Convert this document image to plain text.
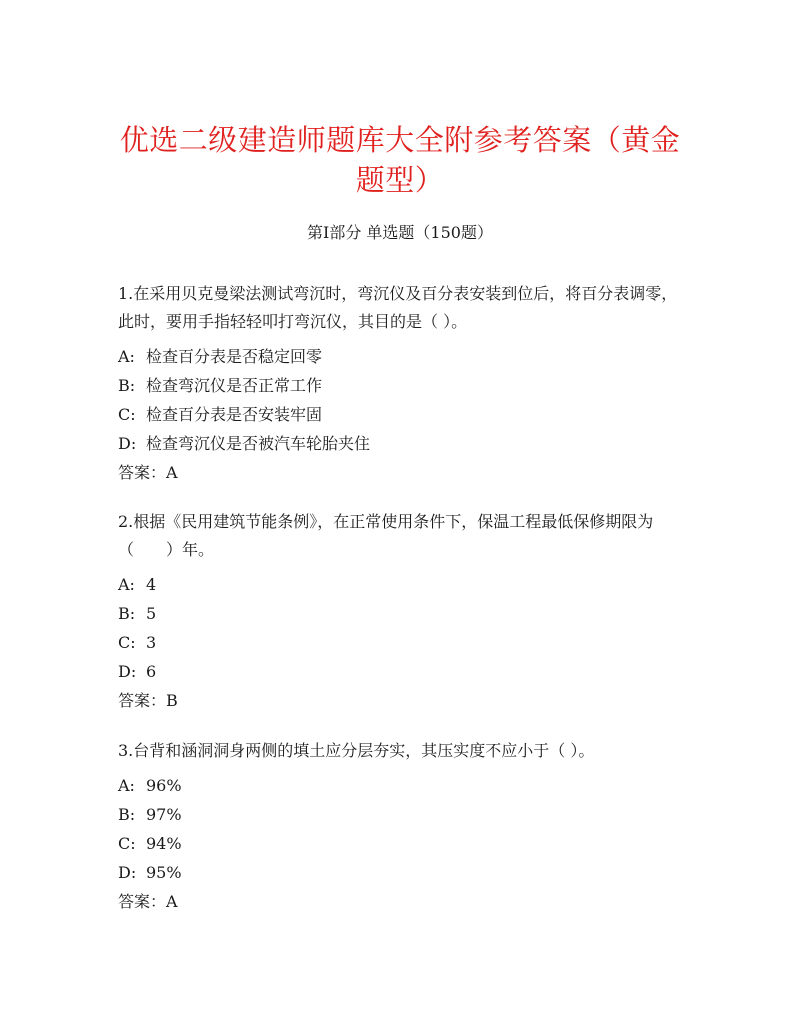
优选二级建造师题库大全附参考答案（黄金题型）
第I部分 单选题（150题）
1.在采用贝克曼梁法测试弯沉时，弯沉仪及百分表安装到位后，将百分表调零，此时，要用手指轻轻叩打弯沉仪，其目的是（ ）。
A: 检查百分表是否稳定回零
B: 检查弯沉仪是否正常工作
C: 检查百分表是否安装牢固
D: 检查弯沉仪是否被汽车轮胎夹住
答案：A
2.根据《民用建筑节能条例》，在正常使用条件下，保温工程最低保修期限为（　　）年。
A: 4
B: 5
C: 3
D: 6
答案：B
3.台背和涵洞洞身两侧的填土应分层夯实，其压实度不应小于（ ）。
A: 96%
B: 97%
C: 94%
D: 95%
答案：A
